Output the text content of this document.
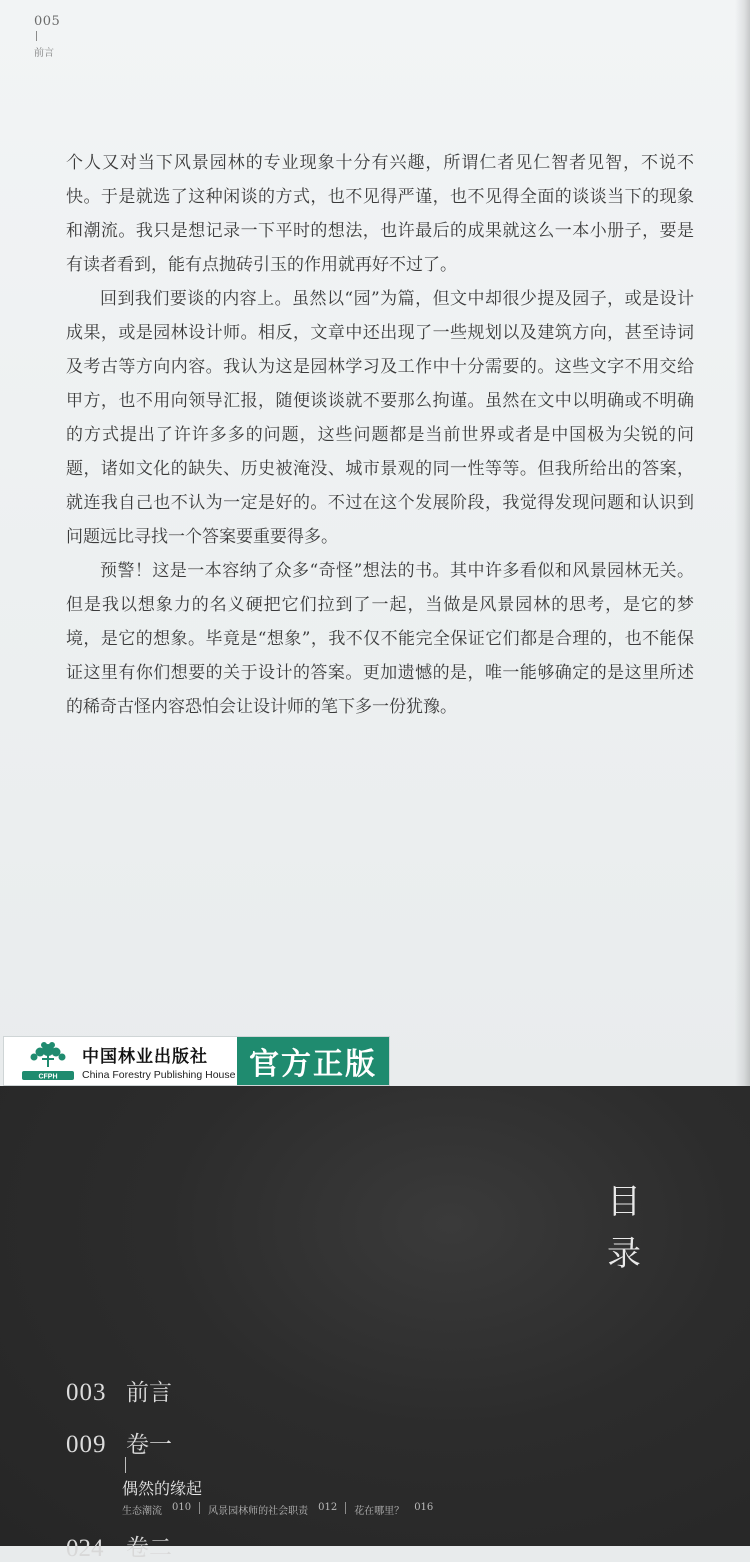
005
前言

个人又对当下风景园林的专业现象十分有兴趣，所谓仁者见仁智者见智，不说不快。于是就选了这种闲谈的方式，也不见得严谨，也不见得全面的谈谈当下的现象和潮流。我只是想记录一下平时的想法，也许最后的成果就这么一本小册子，要是有读者看到，能有点抛砖引玉的作用就再好不过了。

回到我们要谈的内容上。虽然以“园”为篇，但文中却很少提及园子，或是设计成果，或是园林设计师。相反，文章中还出现了一些规划以及建筑方向，甚至诗词及考古等方向内容。我认为这是园林学习及工作中十分需要的。这些文字不用交给甲方，也不用向领导汇报，随便谈谈就不要那么拘谨。虽然在文中以明确或不明确的方式提出了许许多多的问题，这些问题都是当前世界或者是中国极为尖锐的问题，诸如文化的缺失、历史被淹没、城市景观的同一性等等。但我所给出的答案，就连我自己也不认为一定是好的。不过在这个发展阶段，我觉得发现问题和认识到问题远比寻找一个答案要重要得多。

预警！这是一本容纳了众多“奇怪”想法的书。其中许多看似和风景园林无关。但是我以想象力的名义硬把它们拉到了一起，当做是风景园林的思考，是它的梦境，是它的想象。毕竟是“想象”，我不仅不能完全保证它们都是合理的，也不能保证这里有你们想要的关于设计的答案。更加遗憾的是，唯一能够确定的是这里所述的稀奇古怪内容恐怕会让设计师的笔下多一份犹豫。

CFPH
中国林业出版社
China Forestry Publishing House 官方正版
目
录
003 前言
009 卷一
偶然的缘起
生态潮流 010 风景园林师的社会职责 012 花在哪里？ 016
024 卷二
